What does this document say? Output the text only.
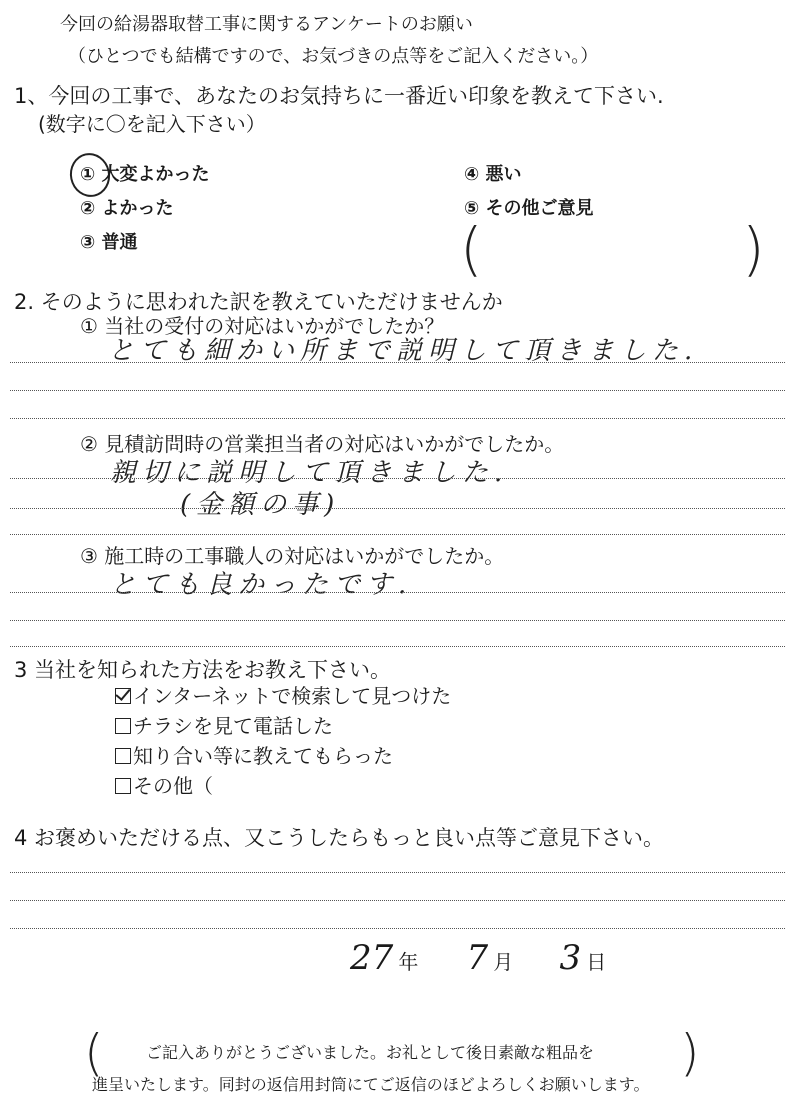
今回の給湯器取替工事に関するアンケートのお願い
（ひとつでも結構ですので、お気づきの点等をご記入ください。）
1、今回の工事で、あなたのお気持ちに一番近い印象を教えて下さい.
(数字に〇を記入下さい）
① 大変よかった
② よかった
③ 普通
④ 悪い
⑤ その他ご意見
(	)
2. そのように思われた訳を教えていただけませんか
① 当社の受付の対応はいかがでしたか？
とても細かい所まで説明して頂きました.
② 見積訪問時の営業担当者の対応はいかがでしたか。
親切に説明して頂きました.
(金額の事)
③ 施工時の工事職人の対応はいかがでしたか。
とても良かったです.
3 当社を知られた方法をお教え下さい。
インターネットで検索して見つけた
チラシを見て電話した
知り合い等に教えてもらった
その他（
4 お褒めいただける点、又こうしたらもっと良い点等ご意見下さい。
27 年 7 月 3 日
(	)
ご記入ありがとうございました。お礼として後日素敵な粗品を
進呈いたします。同封の返信用封筒にてご返信のほどよろしくお願いします。
